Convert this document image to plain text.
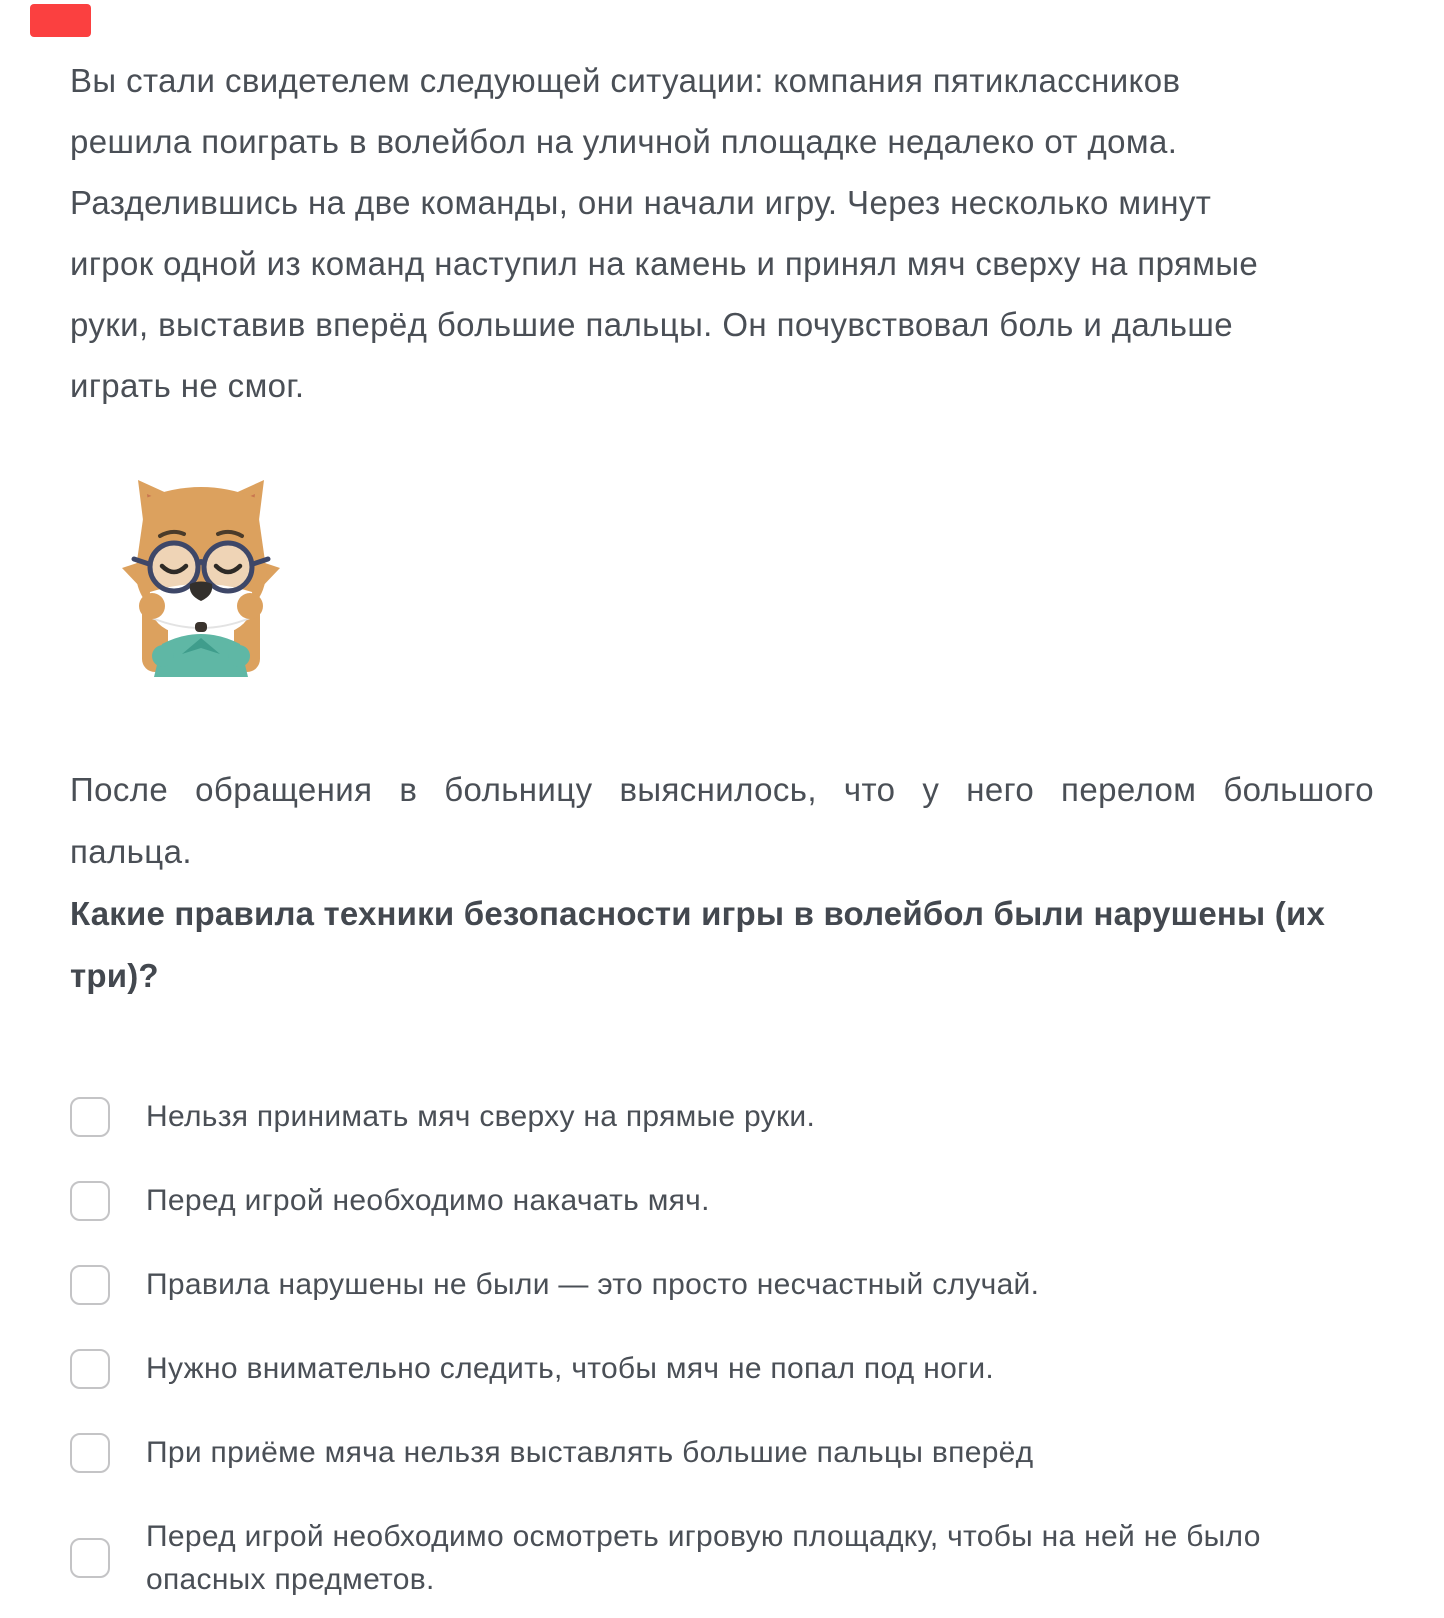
Вы стали свидетелем следующей ситуации: компания пятиклассников
решила поиграть в волейбол на уличной площадке недалеко от дома.
Разделившись на две команды, они начали игру. Через несколько минут
игрок одной из команд наступил на камень и принял мяч сверху на прямые
руки, выставив вперёд большие пальцы. Он почувствовал боль и дальше
играть не смог.
После обращения в больницу выяснилось, что у него перелом большого
пальца.
Какие правила техники безопасности игры в волейбол были нарушены (их
три)?
Нельзя принимать мяч сверху на прямые руки.
Перед игрой необходимо накачать мяч.
Правила нарушены не были — это просто несчастный случай.
Нужно внимательно следить, чтобы мяч не попал под ноги.
При приёме мяча нельзя выставлять большие пальцы вперёд
Перед игрой необходимо осмотреть игровую площадку, чтобы на ней не было опасных предметов.
